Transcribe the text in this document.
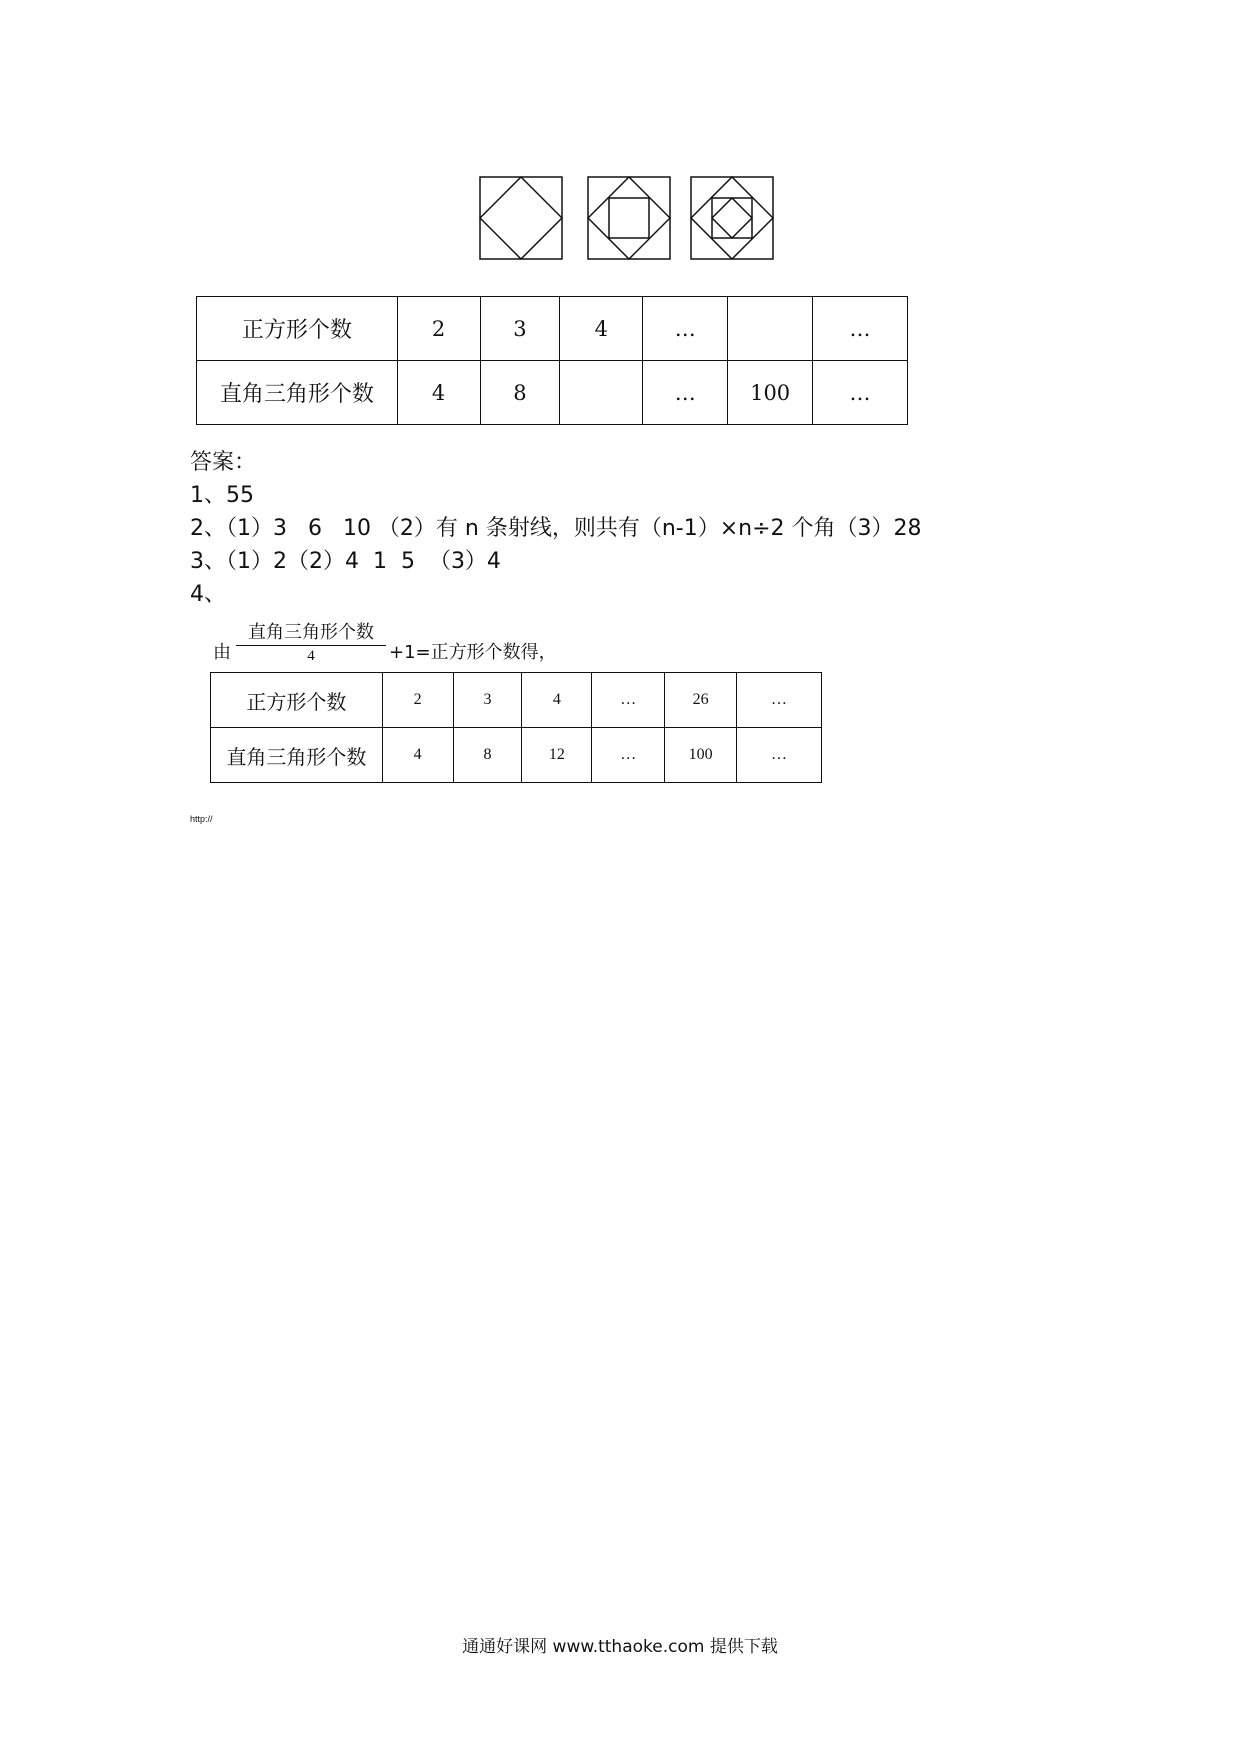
正方形个数	2	3	4	…		…
直角三角形个数	4	8		…	100	…
答案：
1、55
2、（1）3   6   10 （2）有 n 条射线，则共有（n-1）×n÷2 个角（3）28
3、（1）2（2）4  1  5  （3）4
4、
由
直角三角形个数
4	+1=正方形个数得，
正方形个数	2	3	4	…	26	…
直角三角形个数	4	8	12	…	100	…
http://
通通好课网 www.tthaoke.com 提供下载
